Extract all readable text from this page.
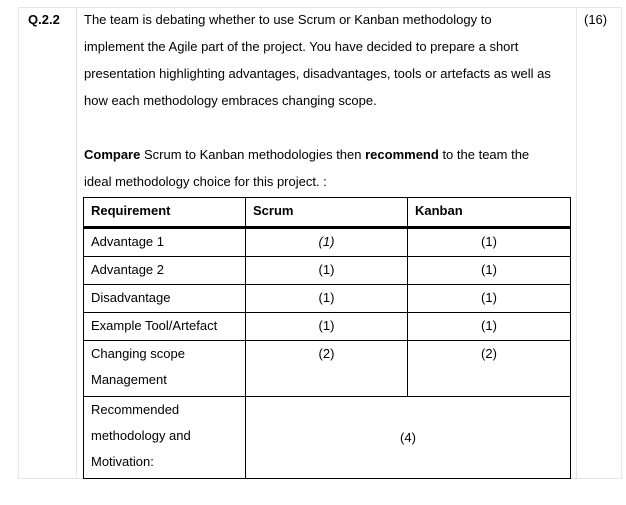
Q.2.2	(16)
The team is debating whether to use Scrum or Kanban methodology to
implement the Agile part of the project. You have decided to prepare a short
presentation highlighting advantages, disadvantages, tools or artefacts as well as
how each methodology embraces changing scope.
Compare Scrum to Kanban methodologies then recommend to the team the
ideal methodology choice for this project. :
Requirement	Scrum	Kanban
Advantage 1	(1)	(1)
Advantage 2	(1)	(1)
Disadvantage	(1)	(1)
Example Tool/Artefact	(1)	(1)

Changing scope
Management	(2)	(2)

Recommended
methodology and
Motivation:	(4)	
